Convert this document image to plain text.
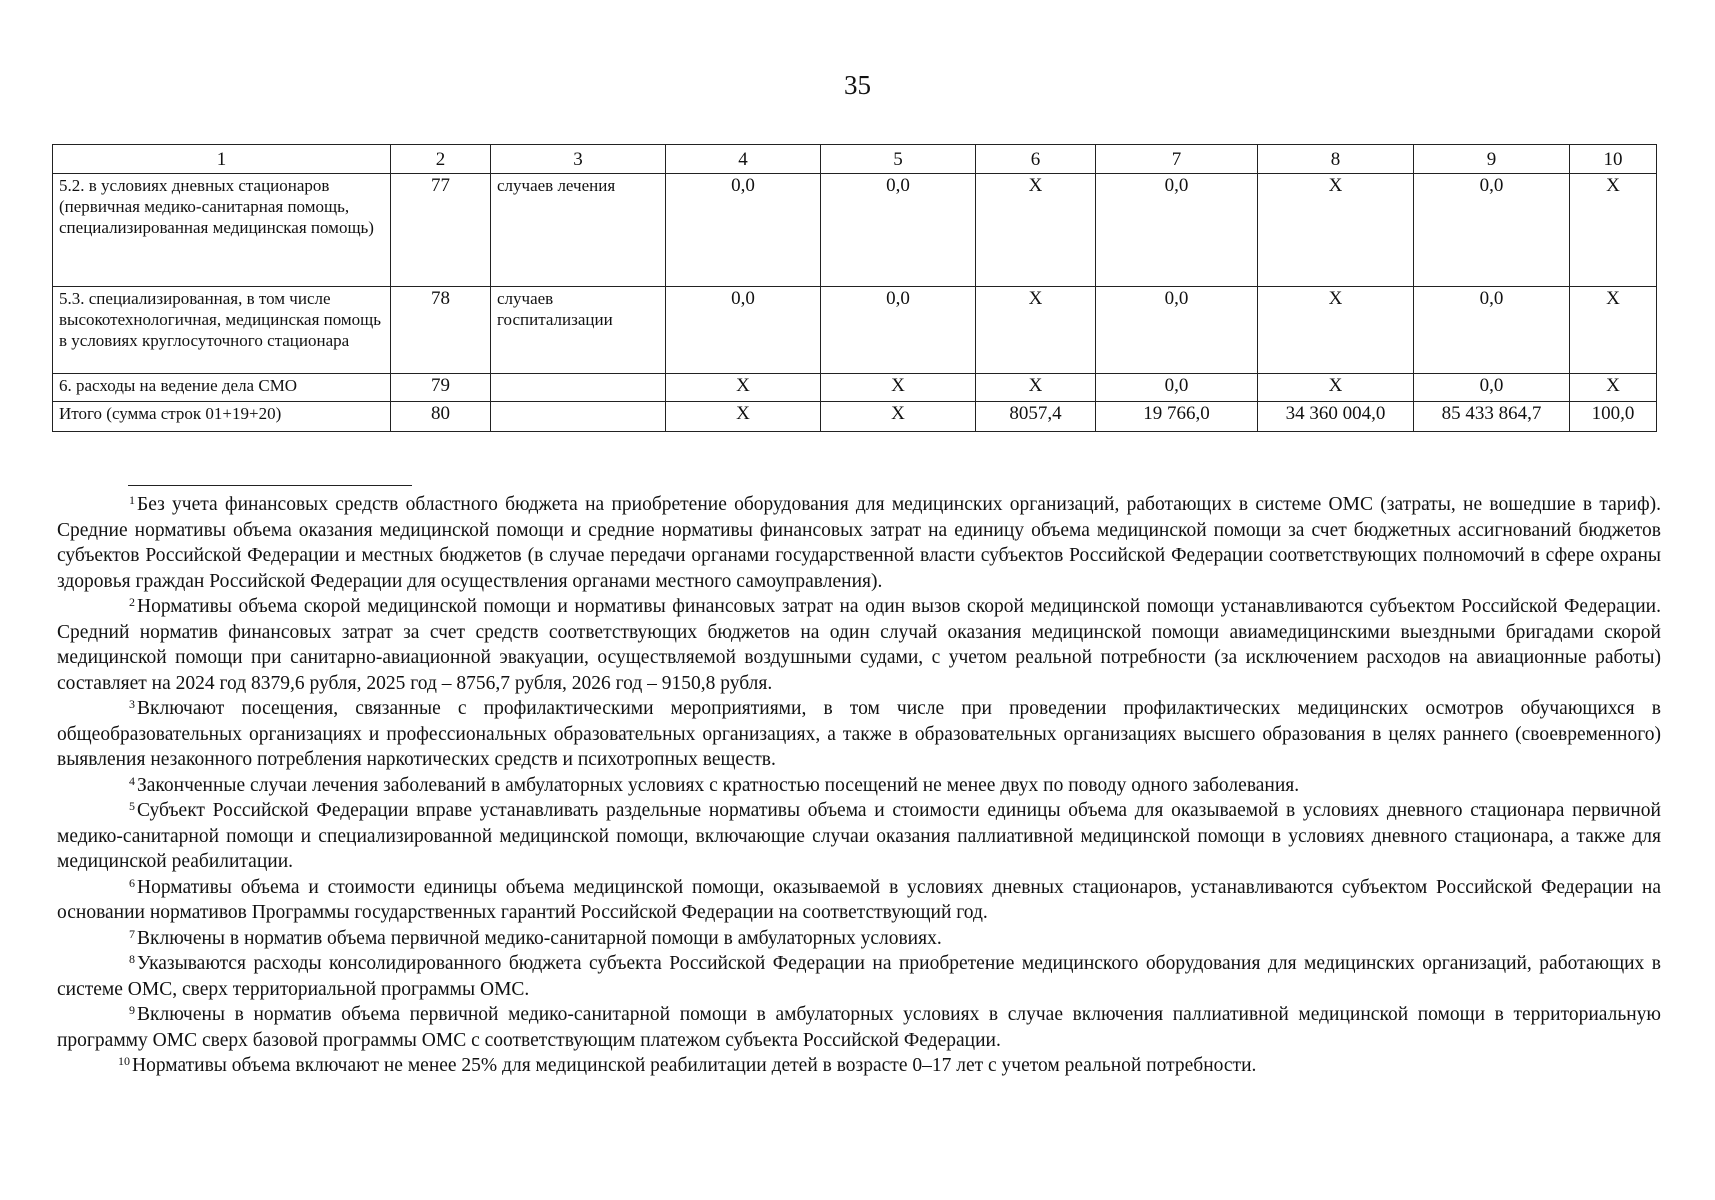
35
1	2	3	4	5	6	7	8	9	10
5.2. в условиях дневных стационаров (первичная медико-санитарная помощь, специализированная медицинская помощь)	77	случаев лечения	0,0	0,0	X	0,0	X	0,0	X
5.3. специализированная, в том числе высокотехнологичная, медицинская помощь в условиях круглосуточного стационара	78	случаев госпитализации	0,0	0,0	X	0,0	X	0,0	X
6. расходы на ведение дела СМО	79		X	X	X	0,0	X	0,0	X
Итого (сумма строк 01+19+20)	80		X	X	8057,4	19 766,0	34 360 004,0	85 433 864,7	100,0

$^1$ Без учета финансовых средств областного бюджета на приобретение оборудования для медицинских организаций, работающих в системе ОМС (затраты, не вошедшие в тариф). Средние нормативы объема оказания медицинской помощи и средние нормативы финансовых затрат на единицу объема медицинской помощи за счет бюджетных ассигнований бюджетов субъектов Российской Федерации и местных бюджетов (в случае передачи органами государственной власти субъектов Российской Федерации соответствующих полномочий в сфере охраны здоровья граждан Российской Федерации для осуществления органами местного самоуправления).

$^2$ Нормативы объема скорой медицинской помощи и нормативы финансовых затрат на один вызов скорой медицинской помощи устанавливаются субъектом Российской Федерации. Средний норматив финансовых затрат за счет средств соответствующих бюджетов на один случай оказания медицинской помощи авиамедицинскими выездными бригадами скорой медицинской помощи при санитарно-авиационной эвакуации, осуществляемой воздушными судами, с учетом реальной потребности (за исключением расходов на авиационные работы) составляет на 2024 год 8379,6 рубля, 2025 год – 8756,7 рубля, 2026 год – 9150,8 рубля.

$^3$ Включают посещения, связанные с профилактическими мероприятиями, в том числе при проведении профилактических медицинских осмотров обучающихся в общеобразовательных организациях и профессиональных образовательных организациях, а также в образовательных организациях высшего образования в целях раннего (своевременного) выявления незаконного потребления наркотических средств и психотропных веществ.

$^4$ Законченные случаи лечения заболеваний в амбулаторных условиях с кратностью посещений не менее двух по поводу одного заболевания.

$^5$ Субъект Российской Федерации вправе устанавливать раздельные нормативы объема и стоимости единицы объема для оказываемой в условиях дневного стационара первичной медико-санитарной помощи и специализированной медицинской помощи, включающие случаи оказания паллиативной медицинской помощи в условиях дневного стационара, а также для медицинской реабилитации.

$^6$ Нормативы объема и стоимости единицы объема медицинской помощи, оказываемой в условиях дневных стационаров, устанавливаются субъектом Российской Федерации на основании нормативов Программы государственных гарантий Российской Федерации на соответствующий год.

$^7$ Включены в норматив объема первичной медико-санитарной помощи в амбулаторных условиях.

$^8$ Указываются расходы консолидированного бюджета субъекта Российской Федерации на приобретение медицинского оборудования для медицинских организаций, работающих в системе ОМС, сверх территориальной программы ОМС.

$^9$ Включены в норматив объема первичной медико-санитарной помощи в амбулаторных условиях в случае включения паллиативной медицинской помощи в территориальную программу ОМС сверх базовой программы ОМС с соответствующим платежом субъекта Российской Федерации.

$^{10}$ Нормативы объема включают не менее 25% для медицинской реабилитации детей в возрасте 0–17 лет с учетом реальной потребности.
